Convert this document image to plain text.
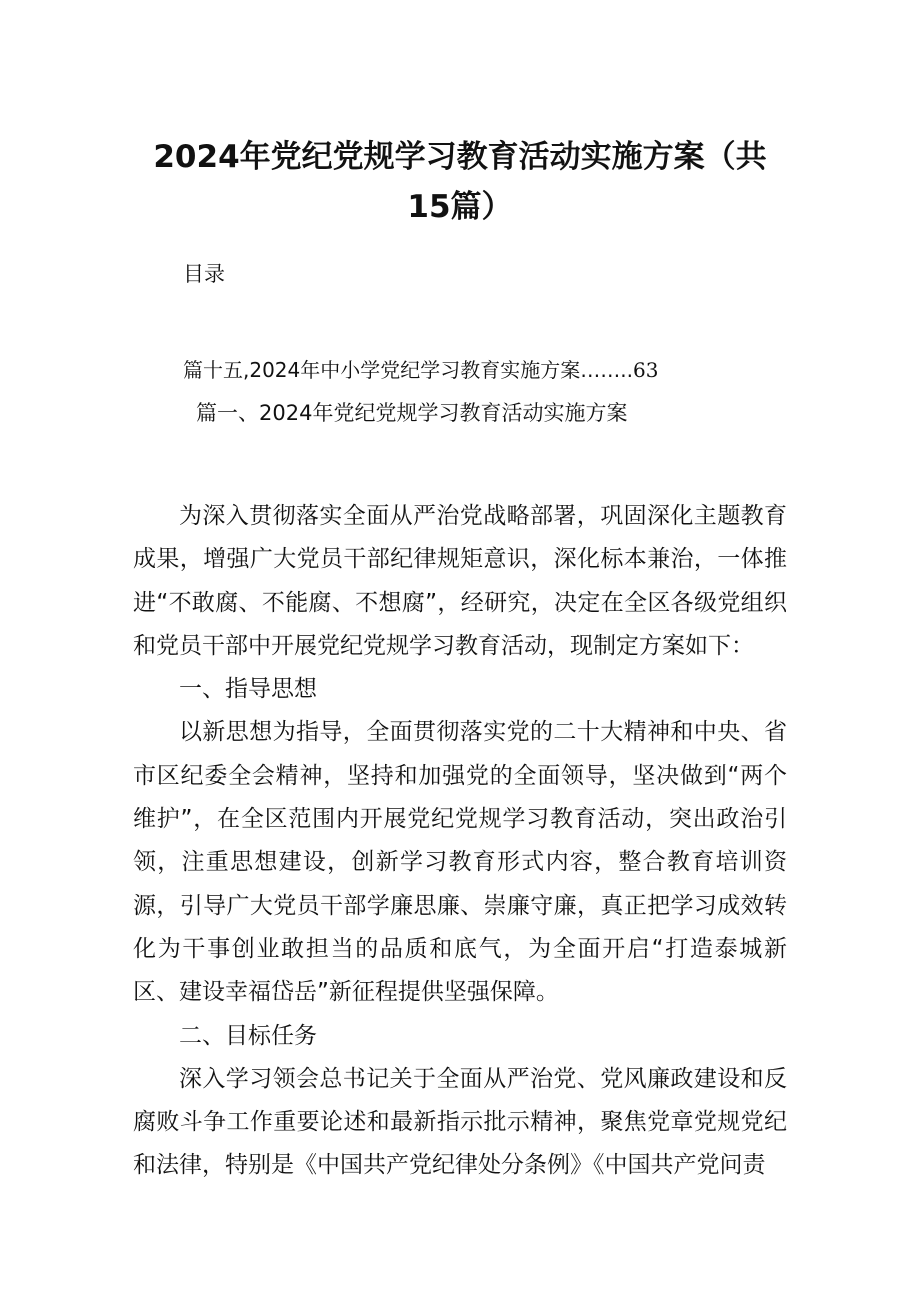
2024年党纪党规学习教育活动实施方案（共
15篇）

目录

篇十五,2024年中小学党纪学习教育实施方案……..63

篇一、2024年党纪党规学习教育活动实施方案

为深入贯彻落实全面从严治党战略部署，巩固深化主题教育成果，增强广大党员干部纪律规矩意识，深化标本兼治，一体推进“不敢腐、不能腐、不想腐”，经研究，决定在全区各级党组织和党员干部中开展党纪党规学习教育活动，现制定方案如下：

一、指导思想

以新思想为指导，全面贯彻落实党的二十大精神和中央、省市区纪委全会精神，坚持和加强党的全面领导，坚决做到“两个维护”，在全区范围内开展党纪党规学习教育活动，突出政治引领，注重思想建设，创新学习教育形式内容，整合教育培训资源，引导广大党员干部学廉思廉、崇廉守廉，真正把学习成效转化为干事创业敢担当的品质和底气，为全面开启“打造泰城新区、建设幸福岱岳”新征程提供坚强保障。

二、目标任务

深入学习领会总书记关于全面从严治党、党风廉政建设和反腐败斗争工作重要论述和最新指示批示精神，聚焦党章党规党纪和法律，特别是《中国共产党纪律处分条例》《中国共产党问责
